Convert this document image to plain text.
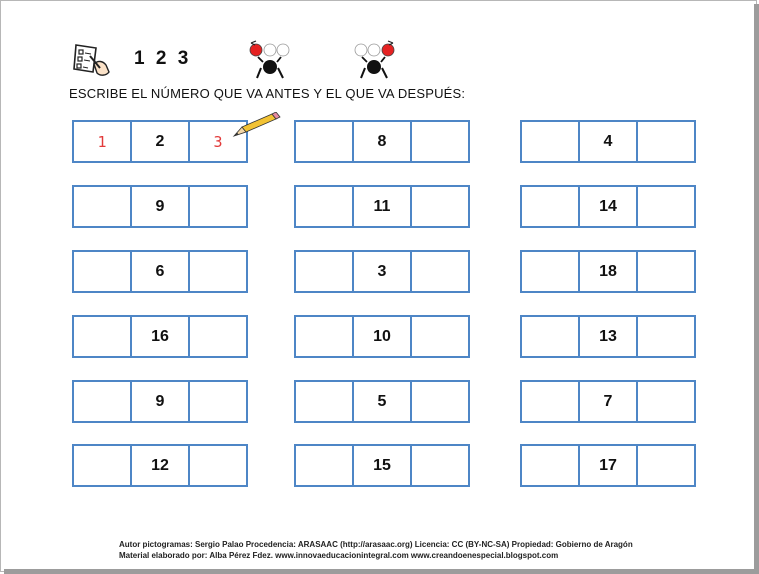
1 2 3
ESCRIBE EL NÚMERO QUE VA ANTES Y EL QUE VA DESPUÉS:
1	2	3
9
6
16
9
12
8
11
3
10
5
15
4
14
18
13
7
17
Autor pictogramas: Sergio Palao Procedencia: ARASAAC (http://arasaac.org) Licencia: CC (BY-NC-SA) Propiedad: Gobierno de Aragón
Material elaborado por: Alba Pérez Fdez. www.innovaeducacionintegral.com www.creandoenespecial.blogspot.com
